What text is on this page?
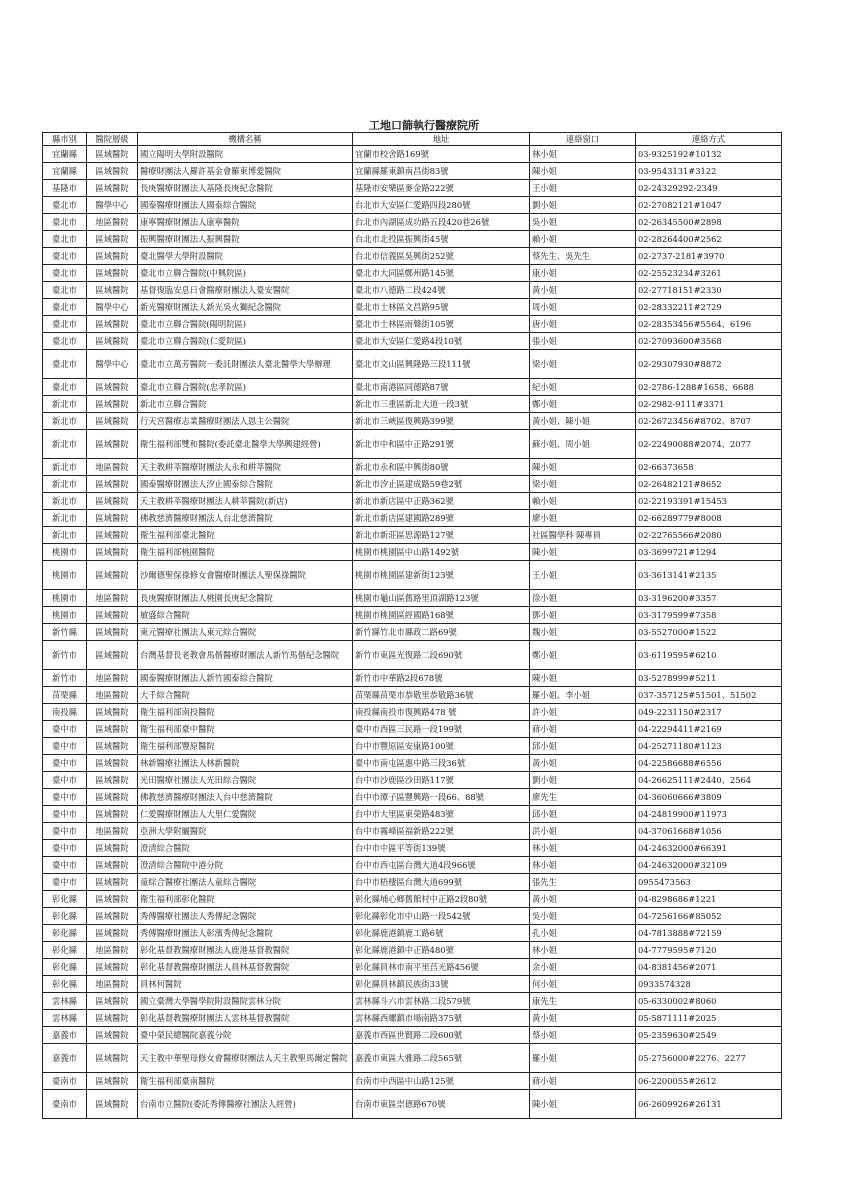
工地口篩執行醫療院所
縣市別	醫院層級	機構名稱	地址	連絡窗口	連絡方式
宜蘭縣	區域醫院	國立陽明大學附設醫院	宜蘭市校舍路169號	林小姐	03-9325192#10132
宜蘭縣	區域醫院	醫療財團法人羅許基金會羅東博愛醫院	宜蘭縣羅東鎮南昌街83號	陳小姐	03-9543131#3122
基隆市	區域醫院	長庚醫療財團法人基隆長庚紀念醫院	基隆市安樂區麥金路222號	王小姐	02-24329292-2349
臺北市	醫學中心	國泰醫療財團法人國泰綜合醫院	台北市大安區仁愛路四段280號	劉小姐	02-27082121#1047
臺北市	地區醫院	康寧醫療財團法人康寧醫院	台北市內湖區成功路五段420巷26號	吳小姐	02-26345500#2898
臺北市	區域醫院	振興醫療財團法人振興醫院	台北市北投區振興街45號	賴小姐	02-28264400#2562
臺北市	區域醫院	臺北醫學大學附設醫院	台北市信義區吳興街252號	蔡先生、吳先生	02-2737-2181#3970
臺北市	區域醫院	臺北市立聯合醫院(中興院區)	臺北市大同區鄭州路145號	康小姐	02-25523234#3261
臺北市	區域醫院	基督復臨安息日會醫療財團法人臺安醫院	臺北市八德路二段424號	黃小姐	02-27718151#2330
臺北市	醫學中心	新光醫療財團法人新光吳火獅紀念醫院	臺北市士林區文昌路95號	周小姐	02-28332211#2729
臺北市	區域醫院	臺北市立聯合醫院(陽明院區)	臺北市士林區雨聲街105號	唐小姐	02-28353456#5564、6196
臺北市	區域醫院	臺北市立聯合醫院(仁愛院區)	臺北市大安區仁愛路4段10號	張小姐	02-27093600#3568
臺北市	醫學中心	臺北市立萬芳醫院－委託財團法人臺北醫學大學辦理	臺北市文山區興隆路三段111號	梁小姐	02-29307930#8872
臺北市	區域醫院	臺北市立聯合醫院(忠孝院區)	臺北市南港區同德路87號	紀小姐	02-2786-1288#1658、6688
新北市	區域醫院	新北市立聯合醫院	新北市三重區新北大道一段3號	鄭小姐	02-2982-9111#3371
新北市	區域醫院	行天宮醫療志業醫療財團法人恩主公醫院	新北市三峽區復興路399號	黃小姐、陳小姐	02-26723456#8702、8707
新北市	區域醫院	衛生福利部雙和醫院(委託臺北醫學大學興建經營)	新北市中和區中正路291號	蘇小姐、周小姐	02-22490088#2074、2077
新北市	地區醫院	天主教耕莘醫療財團法人永和耕莘醫院	新北市永和區中興街80號	陳小姐	02-66373658
新北市	區域醫院	國泰醫療財團法人汐止國泰綜合醫院	新北市汐止區建成路59巷2號	梁小姐	02-26482121#8652
新北市	區域醫院	天主教耕莘醫療財團法人耕莘醫院(新店)	新北市新店區中正路362號	賴小姐	02-22193391#15453
新北市	區域醫院	佛教慈濟醫療財團法人台北慈濟醫院	新北市新店區建國路289號	廖小姐	02-66289779#8008
新北市	區域醫院	衛生福利部臺北醫院	新北市新莊區思源路127號	社區醫學科 陳專員	02-22765566#2080
桃園市	區域醫院	衛生福利部桃園醫院	桃園市桃園區中山路1492號	陳小姐	03-3699721#1294
桃園市	區域醫院	沙爾德聖保祿修女會醫療財團法人聖保祿醫院	桃園市桃園區建新街123號	王小姐	03-3613141#2135
桃園市	地區醫院	長庚醫療財團法人桃園長庚紀念醫院	桃園市龜山區舊路里頂湖路123號	徐小姐	03-3196200#3357
桃園市	區域醫院	敏盛綜合醫院	桃園市桃園區經國路168號	鄧小姐	03-3179599#7358
新竹縣	區域醫院	東元醫療社團法人東元綜合醫院	新竹縣竹北市縣政二路69號	魏小姐	03-5527000#1522
新竹市	區域醫院	台灣基督長老教會馬偕醫療財團法人新竹馬偕紀念醫院	新竹市東區光復路二段690號	鄭小姐	03-6119595#6210
新竹市	地區醫院	國泰醫療財團法人新竹國泰綜合醫院	新竹市中華路2段678號	陳小姐	03-5278999#5211
苗栗縣	地區醫院	大千綜合醫院	苗栗縣苗栗市恭敬里恭敬路36號	羅小姐、李小姐	037-357125#51501、51502
南投縣	區域醫院	衛生福利部南投醫院	南投縣南投市復興路478 號	許小姐	049-2231150#2317
臺中市	區域醫院	衛生福利部臺中醫院	臺中市西區三民路一段199號	蔣小姐	04-22294411#2169
臺中市	區域醫院	衛生福利部豐原醫院	台中市豐原區安康路100號	邱小姐	04-25271180#1123
臺中市	區域醫院	林新醫療社團法人林新醫院	臺中市南屯區惠中路三段36號	黃小姐	04-22586688#6556
臺中市	區域醫院	光田醫療社團法人光田綜合醫院	台中市沙鹿區沙田路117號	劉小姐	04-26625111#2440、2564
臺中市	區域醫院	佛教慈濟醫療財團法人台中慈濟醫院	台中市潭子區豐興路一段66、88號	廖先生	04-36060666#3809
臺中市	區域醫院	仁愛醫療財團法人大里仁愛醫院	台中市大里區東榮路483號	邱小姐	04-24819900#11973
臺中市	地區醫院	亞洲大學附屬醫院	台中市霧峰區福新路222號	洪小姐	04-37061668#1056
臺中市	區域醫院	澄清綜合醫院	台中市中區平等街139號	林小姐	04-24632000#66391
臺中市	區域醫院	澄清綜合醫院中港分院	台中市西屯區台灣大道4段966號	林小姐	04-24632000#32109
臺中市	區域醫院	童綜合醫療社團法人童綜合醫院	台中市梧棲區台灣大道699號	張先生	0955473563
彰化縣	區域醫院	衛生福利部彰化醫院	彰化縣埔心鄉舊館村中正路2段80號	黃小姐	04-8298686#1221
彰化縣	區域醫院	秀傳醫療社團法人秀傳紀念醫院	彰化縣彰化市中山路一段542號	吳小姐	04-7256166#85052
彰化縣	區域醫院	秀傳醫療財團法人彰濱秀傳紀念醫院	彰化縣鹿港鎮鹿工路6號	孔小姐	04-7813888#72159
彰化縣	地區醫院	彰化基督教醫療財團法人鹿港基督教醫院	彰化縣鹿港鎮中正路480號	林小姐	04-7779595#7120
彰化縣	區域醫院	彰化基督教醫療財團法人員林基督教醫院	彰化縣員林市南平里莒光路456號	余小姐	04-8381456#2071
彰化縣	地區醫院	員林何醫院	彰化縣員林鎮民族街33號	何小姐	0933574328
雲林縣	區域醫院	國立臺灣大學醫學院附設醫院雲林分院	雲林縣斗六市雲林路二段579號	康先生	05-6330002#8060
雲林縣	區域醫院	彰化基督教醫療財團法人雲林基督教醫院	雲林縣西螺鎮市場南路375號	黃小姐	05-5871111#2025
嘉義市	區域醫院	臺中榮民總醫院嘉義分院	嘉義市西區世賢路二段600號	蔡小姐	05-2359630#2549
嘉義市	區域醫院	天主教中華聖母修女會醫療財團法人天主教聖馬爾定醫院	嘉義市東區大雅路二段565號	羅小姐	05-2756000#2276、2277
臺南市	區域醫院	衛生福利部臺南醫院	台南市中西區中山路125號	蔣小姐	06-2200055#2612
臺南市	區域醫院	台南市立醫院(委託秀傳醫療社團法人經營)	台南市東區崇德路670號	陳小姐	06-2609926#26131
